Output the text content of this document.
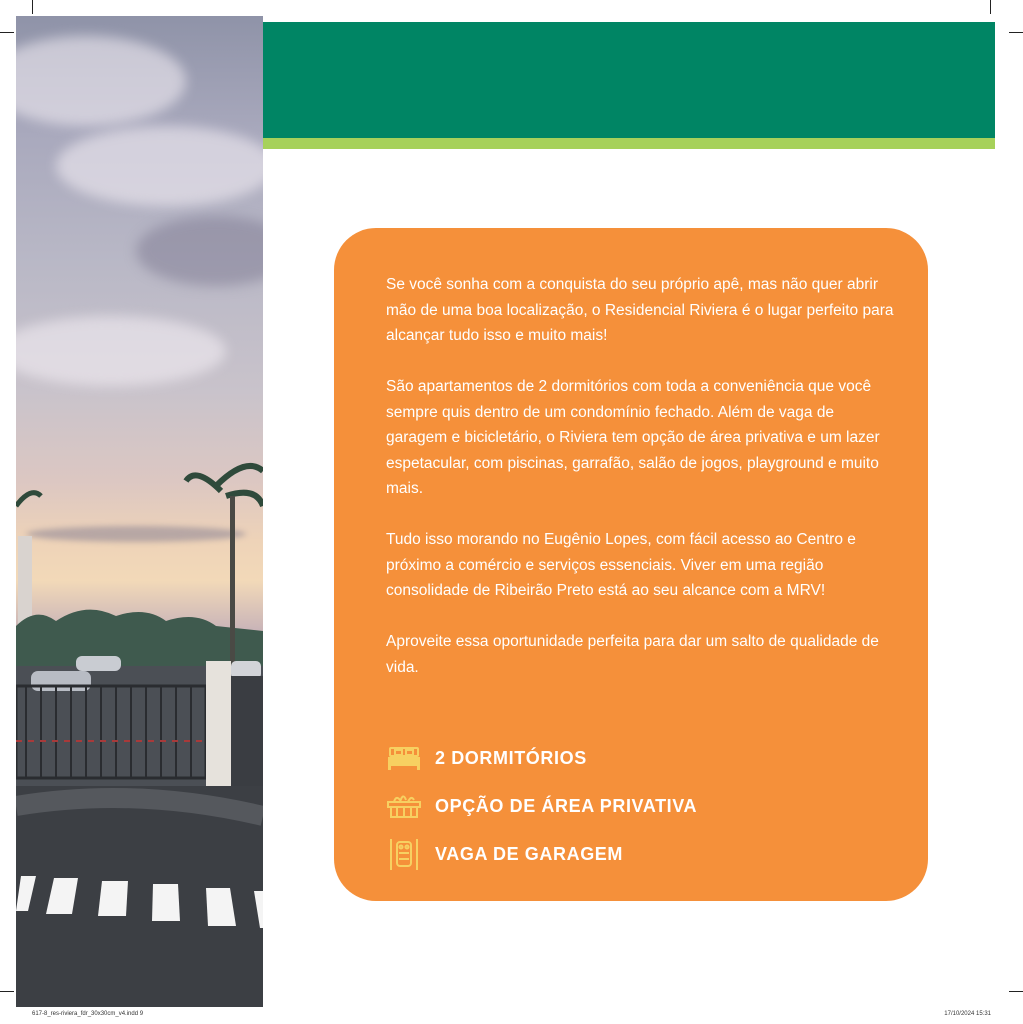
Se você sonha com a conquista do seu próprio apê, mas não quer abrir mão de uma boa localização, o Residencial Riviera é o lugar perfeito para alcançar tudo isso e muito mais!

São apartamentos de 2 dormitórios com toda a conveniência que você sempre quis dentro de um condomínio fechado. Além de vaga de garagem e bicicletário, o Riviera tem opção de área privativa e um lazer espetacular, com piscinas, garrafão, salão de jogos, playground e muito mais.

Tudo isso morando no Eugênio Lopes, com fácil acesso ao Centro e próximo a comércio e serviços essenciais. Viver em uma região consolidade de Ribeirão Preto está ao seu alcance com a MRV!

Aproveite essa oportunidade perfeita para dar um salto de qualidade de vida.

2 DORMITÓRIOS
OPÇÃO DE ÁREA PRIVATIVA
VAGA DE GARAGEM
617-8_res-riviera_fdr_30x30cm_v4.indd 9	17/10/2024 15:31
